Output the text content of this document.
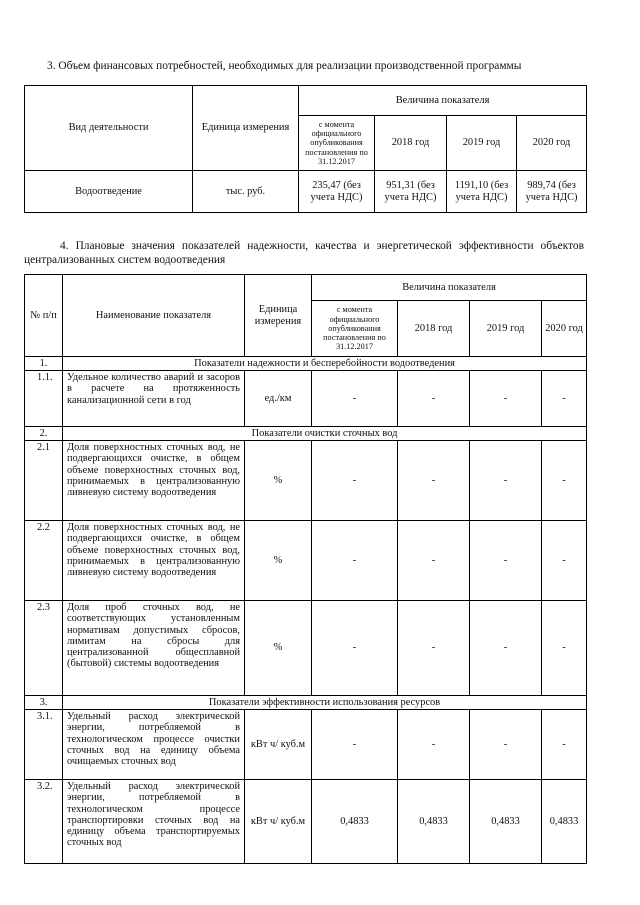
3. Объем финансовых потребностей, необходимых для реализации производственной программы

Вид деятельности	Единица измерения	Величина показателя			
		с момента официального опубликования постановления по 31.12.2017	2018 год	2019 год	2020 год
Водоотведение	тыс. руб.	235,47 (без учета НДС)	951,31 (без учета НДС)	1191,10 (без учета НДС)	989,74 (без учета НДС)

4. Плановые значения показателей надежности, качества и энергетической эффективности объектов централизованных систем водоотведения

№ п/п	Наименование показателя	Единица измерения	Величина показателя			
			с момента официального опубликования постановления по 31.12.2017	2018 год	2019 год	2020 год
1.	Показатели надежности и бесперебойности водоотведения					
1.1.	Удельное количество аварий и засоров в расчете на протяженность канализационной сети в год	ед./км	-	-	-	-
2.	Показатели очистки сточных вод					
2.1	Доля поверхностных сточных вод, не подвергающихся очистке, в общем объеме поверхностных сточных вод, принимаемых в централизованную ливневую систему водоотведения	%	-	-	-	-
2.2	Доля поверхностных сточных вод, не подвергающихся очистке, в общем объеме поверхностных сточных вод, принимаемых в централизованную ливневую систему водоотведения	%	-	-	-	-
2.3	Доля проб сточных вод, не соответствующих установленным нормативам допустимых сбросов, лимитам на сбросы для централизованной общесплавной (бытовой) системы водоотведения	%	-	-	-	-
3.	Показатели эффективности использования ресурсов					
3.1.	Удельный расход электрической энергии, потребляемой в технологическом процессе очистки сточных вод на единицу объема очищаемых сточных вод	кВт ч/ куб.м	-	-	-	-
3.2.	Удельный расход электрической энергии, потребляемой в технологическом процессе транспортировки сточных вод на единицу объема транспортируемых сточных вод	кВт ч/ куб.м	0,4833	0,4833	0,4833	0,4833
